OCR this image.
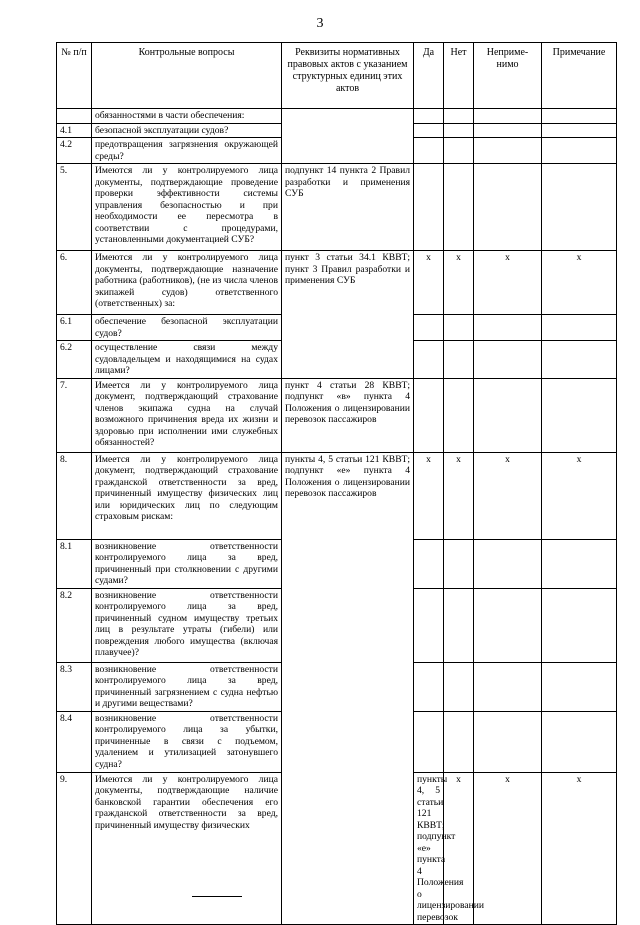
3
№ п/п	Контрольные вопросы	Реквизиты нормативных правовых актов с указанием структурных единиц этих актов	Да	Нет	Неприме-нимо	Примечание	
	обязанностями в части обеспечения:						
4.1	безопасной эксплуатации судов?						
4.2	предотвращения загрязнения окружающей среды?						
5.	Имеются ли у контролируемого лица документы, подтверждающие проведение проверки эффективности системы управления безопасностью и при необходимости ее пересмотра в соответствии с процедурами, установленными документацией СУБ?	подпункт 14 пункта 2 Правил разработки и применения СУБ					
6.	Имеются ли у контролируемого лица документы, подтверждающие назначение работника (работников), (не из числа членов экипажей судов) ответственного (ответственных) за:	пункт 3 статьи 34.1 КВВТ; пункт 3 Правил разработки и применения СУБ	x	x	x	x	
6.1	обеспечение безопасной эксплуатации судов?						
6.2	осуществление связи между судовладельцем и находящимися на судах лицами?						
7.	Имеется ли у контролируемого лица документ, подтверждающий страхование членов экипажа судна на случай возможного причинения вреда их жизни и здоровью при исполнении ими служебных обязанностей?	пункт 4 статьи 28 КВВТ; подпункт «в» пункта 4 Положения о лицензировании перевозок пассажиров					
8.	Имеется ли у контролируемого лица документ, подтверждающий страхование гражданской ответственности за вред, причиненный имуществу физических лиц или юридических лиц по следующим страховым рискам:	пункты 4, 5 статьи 121 КВВТ; подпункт «е» пункта 4 Положения о лицензировании перевозок пассажиров	x	x	x	x	
8.1	возникновение ответственности контролируемого лица за вред, причиненный при столкновении с другими судами?						
8.2	возникновение ответственности контролируемого лица за вред, причиненный судном имуществу третьих лиц в результате утраты (гибели) или повреждения любого имущества (включая плавучее)?						
8.3	возникновение ответственности контролируемого лица за вред, причиненный загрязнением с судна нефтью и другими веществами?						
8.4	возникновение ответственности контролируемого лица за убытки, причиненные в связи с подъемом, удалением и утилизацией затонувшего судна?						
9.	Имеются ли у контролируемого лица документы, подтверждающие наличие банковской гарантии обеспечения его гражданской ответственности за вред, причиненный имуществу физических		пункты 4, 5 статьи 121 КВВТ; подпункт «е» пункта 4 Положения о лицензировании перевозок	x	x	x	
